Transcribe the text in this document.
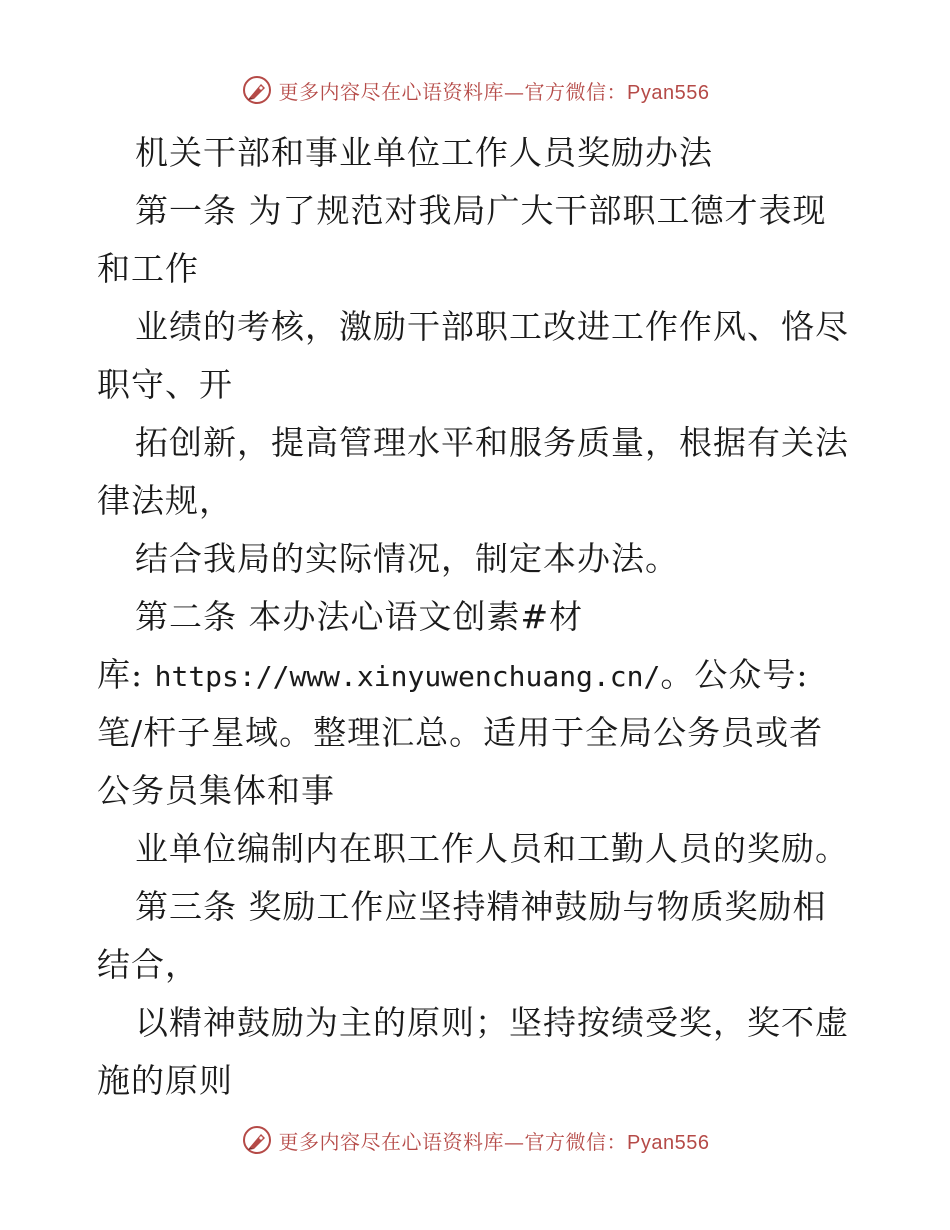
更多内容尽在心语资料库—官方微信：Pyan556
机关干部和事业单位工作人员奖励办法
第一条 为了规范对我局广大干部职工德才表现
和工作
业绩的考核，激励干部职工改进工作作风、恪尽
职守、开
拓创新，提高管理水平和服务质量，根据有关法
律法规，
结合我局的实际情况，制定本办法。
第二条 本办法心语文创素#材
库: https://www.xinyuwenchuang.cn/。公众号:
笔/杆子星域。整理汇总。适用于全局公务员或者
公务员集体和事
业单位编制内在职工作人员和工勤人员的奖励。
第三条 奖励工作应坚持精神鼓励与物质奖励相
结合，
以精神鼓励为主的原则；坚持按绩受奖，奖不虚
施的原则
更多内容尽在心语资料库—官方微信：Pyan556
